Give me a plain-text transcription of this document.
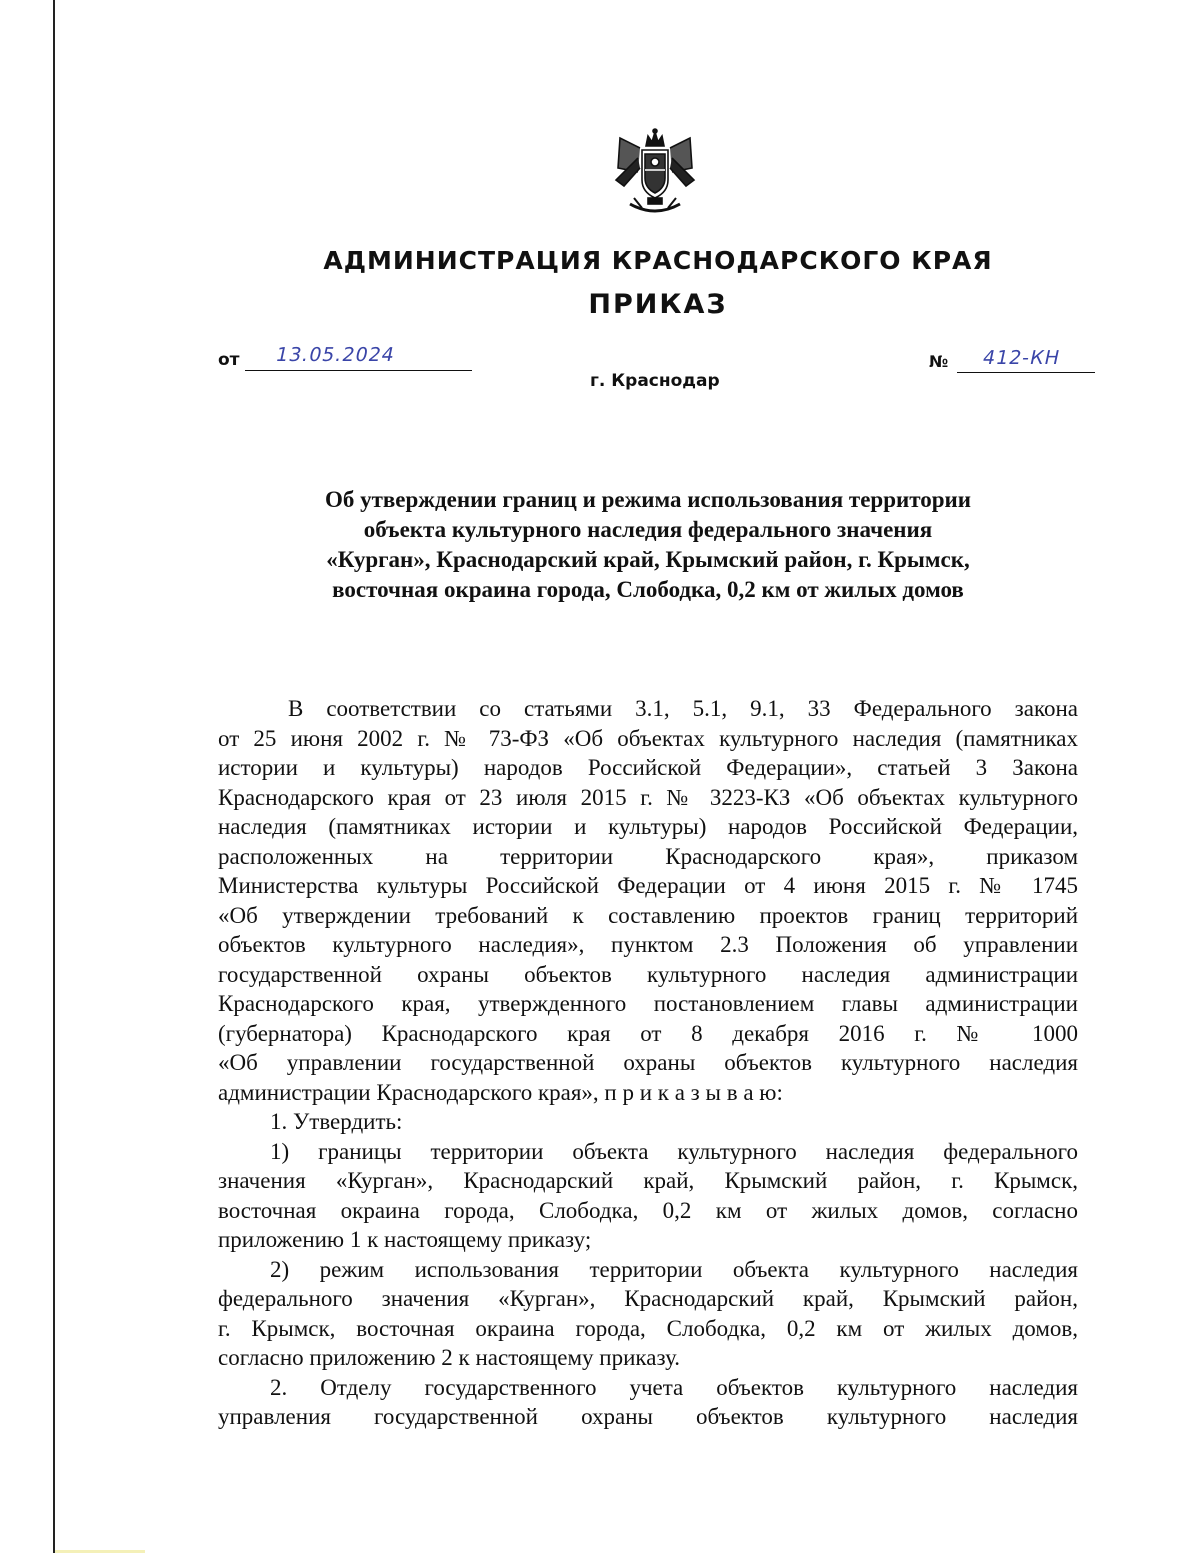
АДМИНИСТРАЦИЯ КРАСНОДАРСКОГО КРАЯ
ПРИКАЗ
от 13.05.2024	№ 412-КН
г. Краснодар

Об утверждении границ и режима использования территории
объекта культурного наследия федерального значения
«Курган», Краснодарский край, Крымский район, г. Крымск,
восточная окраина города, Слободка, 0,2 км от жилых домов

В соответствии со статьями 3.1, 5.1, 9.1, 33 Федерального закона
от 25 июня 2002 г. № 73-ФЗ «Об объектах культурного наследия (памятниках
истории и культуры) народов Российской Федерации», статьей 3 Закона
Краснодарского края от 23 июля 2015 г. № 3223-КЗ «Об объектах культурного
наследия (памятниках истории и культуры) народов Российской Федерации,
расположенных на территории Краснодарского края», приказом
Министерства культуры Российской Федерации от 4 июня 2015 г. № 1745
«Об утверждении требований к составлению проектов границ территорий
объектов культурного наследия», пунктом 2.3 Положения об управлении
государственной охраны объектов культурного наследия администрации
Краснодарского края, утвержденного постановлением главы администрации
(губернатора) Краснодарского края от 8 декабря 2016 г. № 1000
«Об управлении государственной охраны объектов культурного наследия
администрации Краснодарского края», п р и к а з ы в а ю:
1. Утвердить:
1) границы территории объекта культурного наследия федерального
значения «Курган», Краснодарский край, Крымский район, г. Крымск,
восточная окраина города, Слободка, 0,2 км от жилых домов, согласно
приложению 1 к настоящему приказу;
2) режим использования территории объекта культурного наследия
федерального значения «Курган», Краснодарский край, Крымский район,
г. Крымск, восточная окраина города, Слободка, 0,2 км от жилых домов,
согласно приложению 2 к настоящему приказу.
2. Отделу государственного учета объектов культурного наследия
управления государственной охраны объектов культурного наследия
